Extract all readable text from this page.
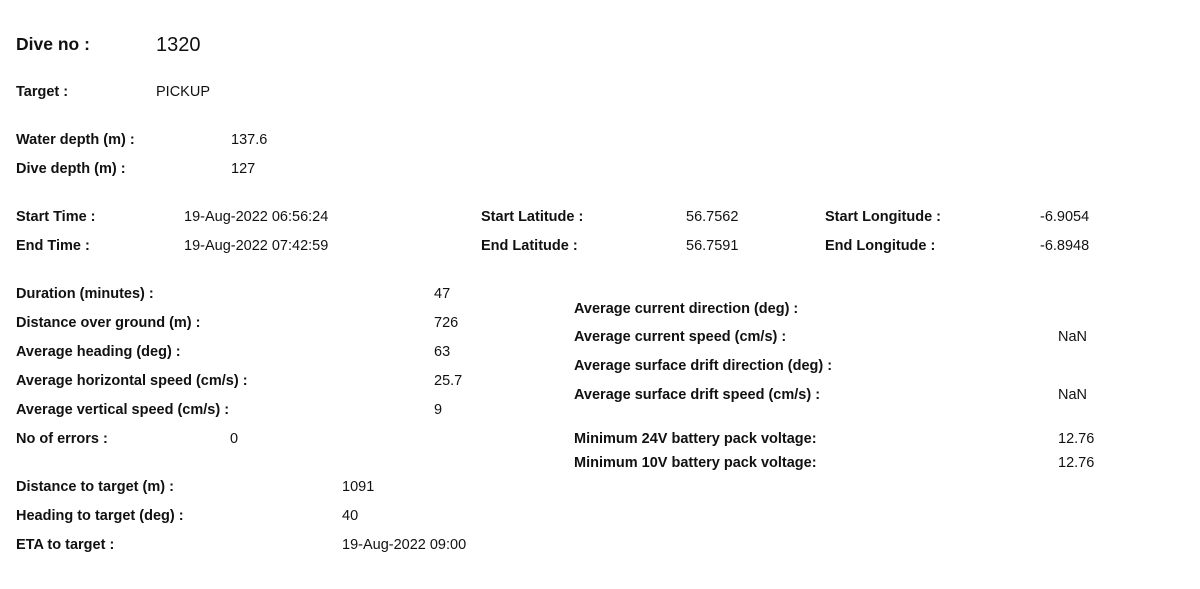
Dive no :	1320
Target :	PICKUP
Water depth (m) :	137.6
Dive depth (m) :	127
Start Time :	19-Aug-2022 06:56:24
End Time :	19-Aug-2022 07:42:59
Start Latitude :	56.7562
End Latitude :	56.7591
Start Longitude :	-6.9054
End Longitude :	-6.8948
Duration (minutes) :	47
Distance over ground (m) :	726
Average heading (deg) :	63
Average horizontal speed (cm/s) :	25.7
Average vertical speed (cm/s) :	9
No of errors :	0
Average current direction (deg) :
Average current speed (cm/s) :	NaN
Average surface drift direction (deg) :
Average surface drift speed (cm/s) :	NaN
Minimum 24V battery pack voltage:	12.76
Minimum 10V battery pack voltage:	12.76
Distance to target (m) :	1091
Heading to target (deg) :	40
ETA to target :	19-Aug-2022 09:00
